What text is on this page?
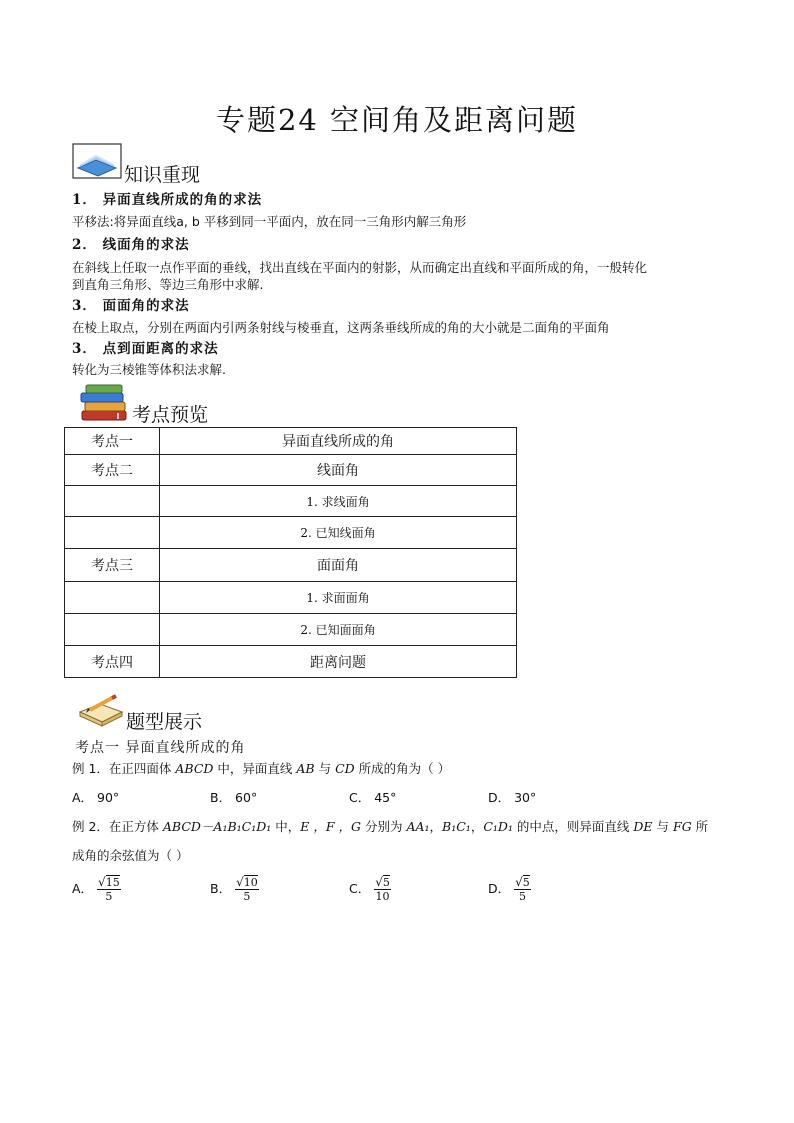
专题24 空间角及距离问题
知识重现
1． 异面直线所成的角的求法
平移法:将异面直线a, b 平移到同一平面内，放在同一三角形内解三角形
2． 线面角的求法
在斜线上任取一点作平面的垂线，找出直线在平面内的射影，从而确定出直线和平面所成的角，一般转化
到直角三角形、等边三角形中求解.
3． 面面角的求法
在棱上取点，分别在两面内引两条射线与棱垂直，这两条垂线所成的角的大小就是二面角的平面角
3． 点到面距离的求法
转化为三棱锥等体积法求解.
考点预览
考点一	异面直线所成的角
考点二	线面角
	1. 求线面角
	2. 已知线面角
考点三	面面角
	1. 求面面角
	2. 已知面面角
考点四	距离问题
题型展示
考点一 异面直线所成的角
例 1．在正四面体 ABCD 中，异面直线 AB 与 CD 所成的角为（ ）
A． 90°	B． 60°	C． 45°	D． 30°
例 2．在正方体 ABCD－A₁B₁C₁D₁ 中，E ，F ，G 分别为 AA₁，B₁C₁，C₁D₁ 的中点，则异面直线 DE 与 FG 所
成角的余弦值为（ ）
A． $\frac{√15}{5}$	B． $\frac{√10}{5}$	C． $\frac{√5}{10}$	D． $\frac{√5}{5}$
